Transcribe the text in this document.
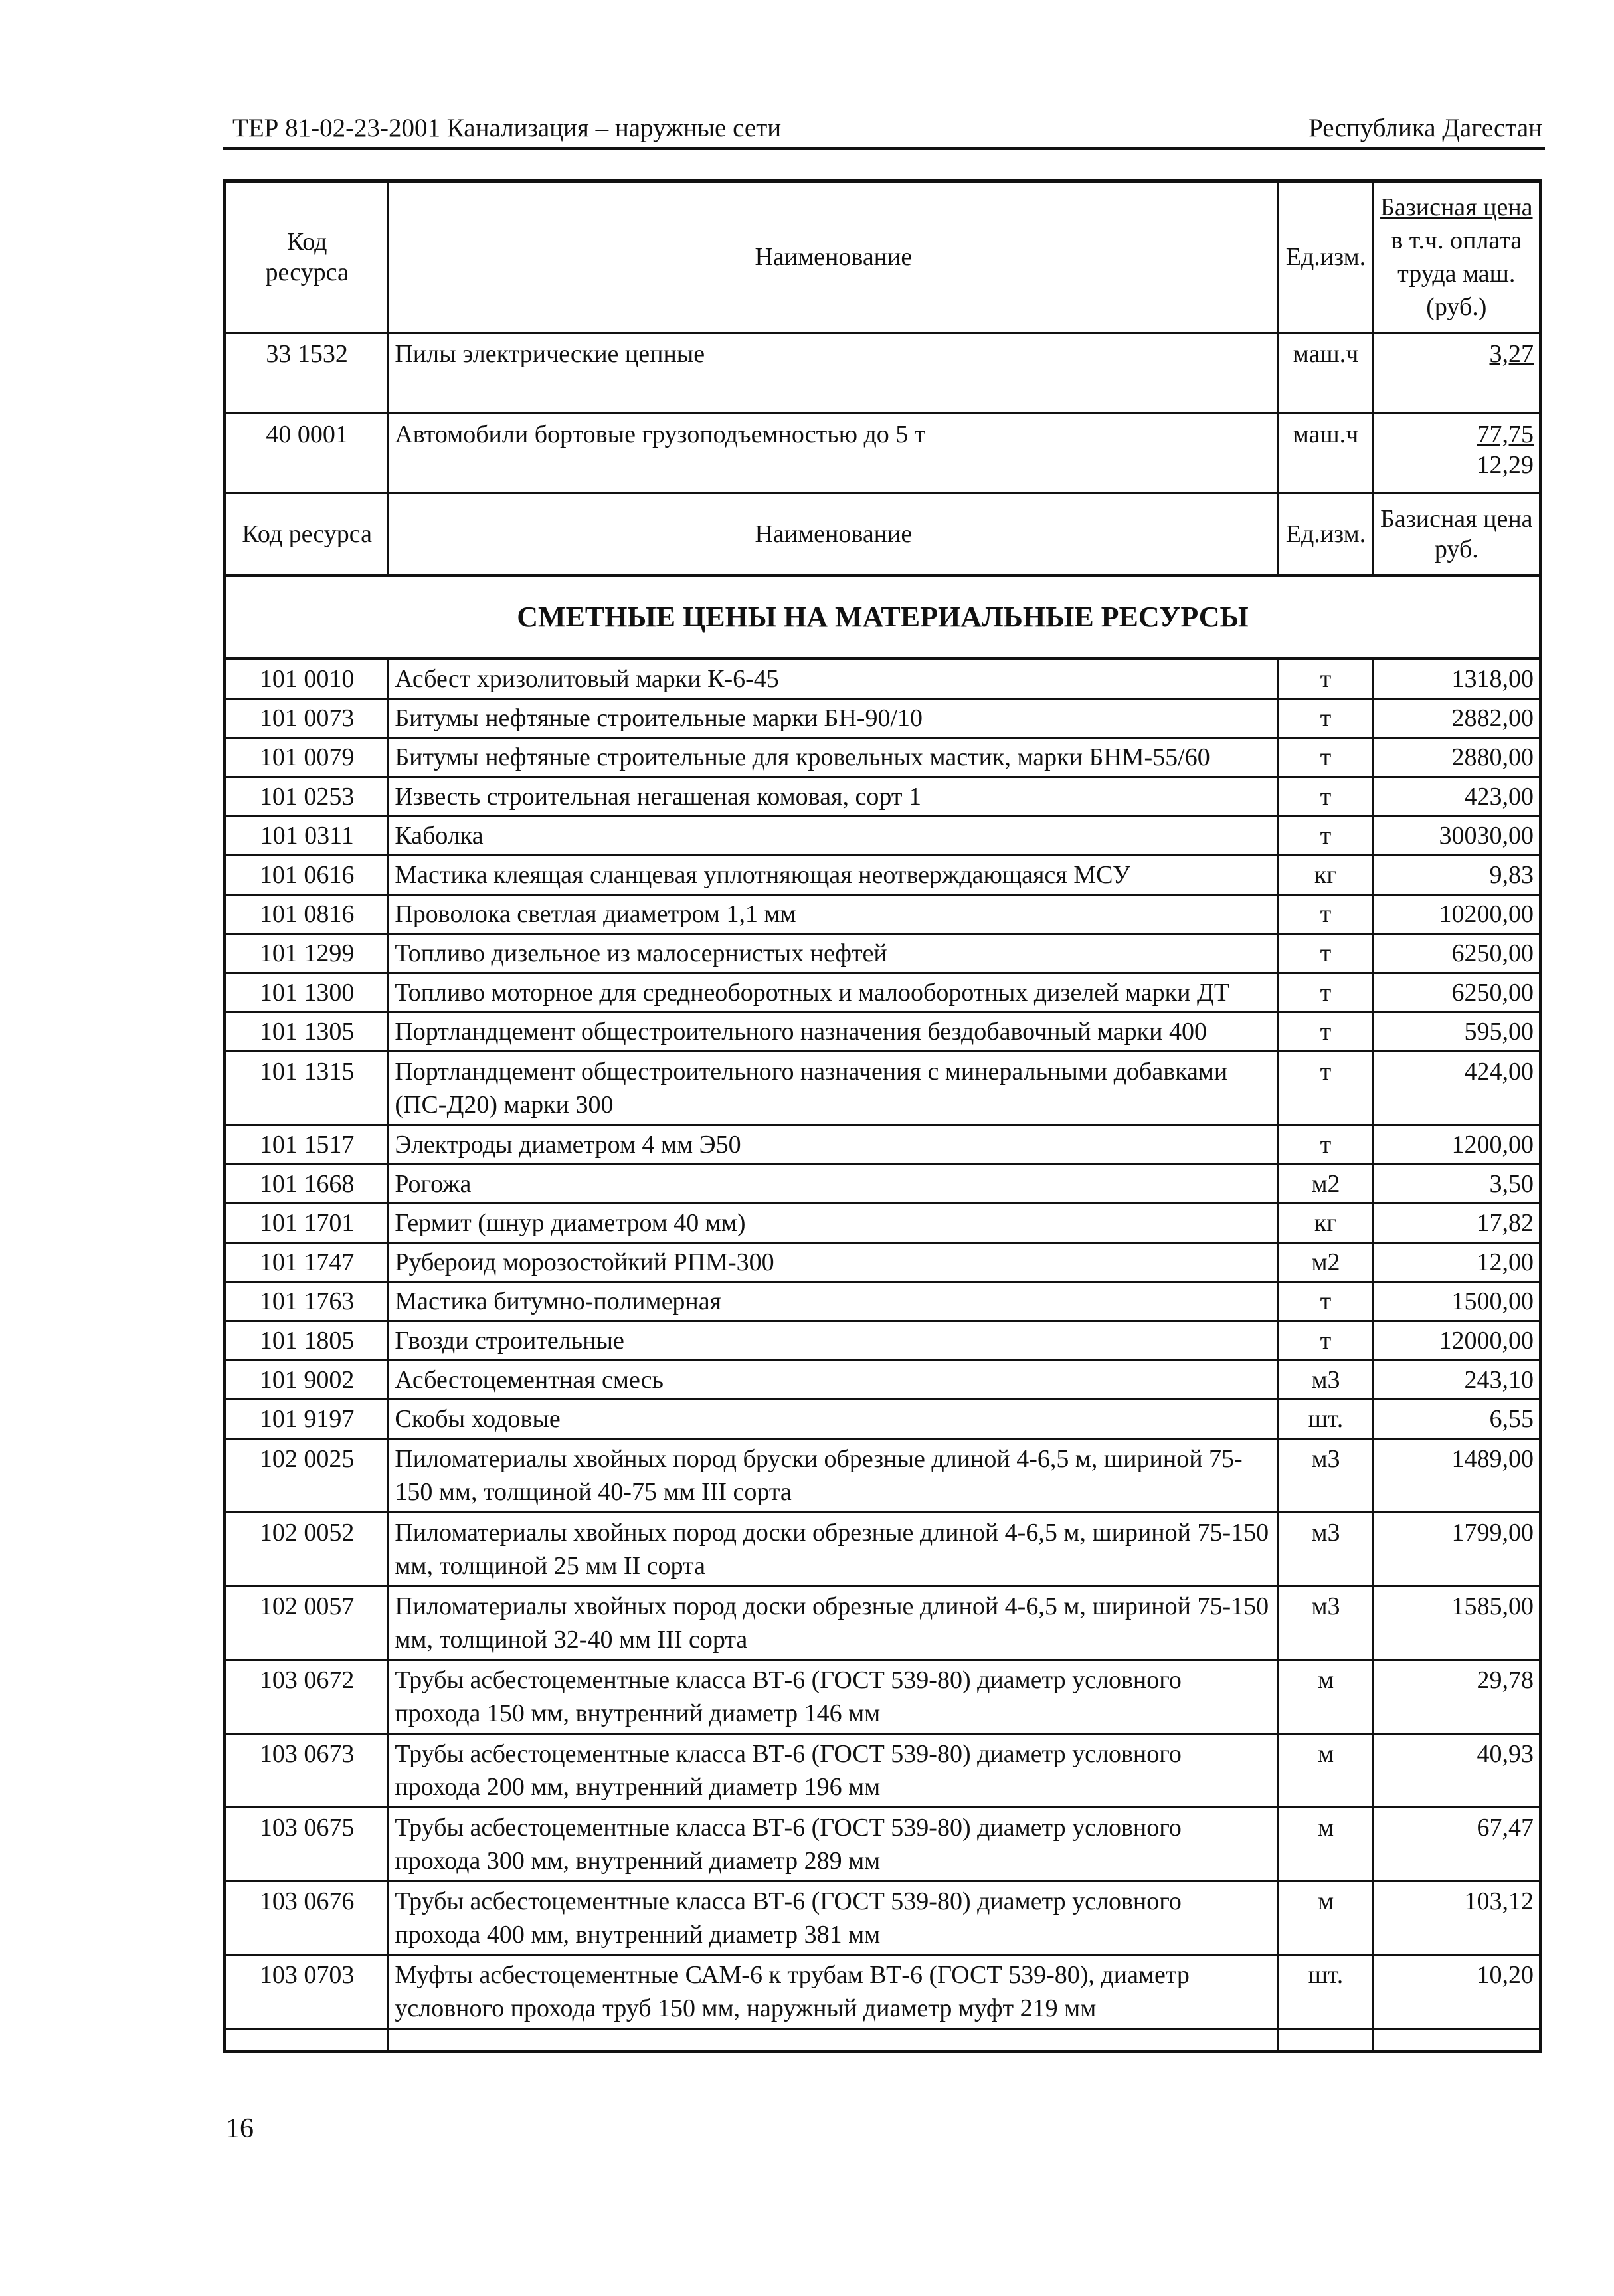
ТЕР 81-02-23-2001 Канализация – наружные сети	Республика Дагестан
Код
ресурса	Наименование	Ед.изм.	Базисная цена
в т.ч. оплата
труда маш.
(руб.)

33 1532	Пилы электрические цепные	маш.ч	3,27

40 0001	Автомобили бортовые грузоподъемностью до 5 т	маш.ч	77,75
12,29

Код ресурса	Наименование	Ед.изм.	Базисная цена
руб.

СМЕТНЫЕ ЦЕНЫ НА МАТЕРИАЛЬНЫЕ РЕСУРСЫ			
101 0010	Асбест хризолитовый марки К-6-45	т	1318,00
101 0073	Битумы нефтяные строительные марки БН-90/10	т	2882,00
101 0079	Битумы нефтяные строительные для кровельных мастик, марки БНМ-55/60	т	2880,00
101 0253	Известь строительная негашеная комовая, сорт 1	т	423,00
101 0311	Каболка	т	30030,00
101 0616	Мастика клеящая сланцевая уплотняющая неотверждающаяся МСУ	кг	9,83
101 0816	Проволока светлая диаметром 1,1 мм	т	10200,00
101 1299	Топливо дизельное из малосернистых нефтей	т	6250,00
101 1300	Топливо моторное для среднеоборотных и малооборотных дизелей марки ДТ	т	6250,00
101 1305	Портландцемент общестроительного назначения бездобавочный марки 400	т	595,00
101 1315	Портландцемент общестроительного назначения с минеральными добавками (ПС-Д20) марки 300	т	424,00
101 1517	Электроды диаметром 4 мм Э50	т	1200,00
101 1668	Рогожа	м2	3,50
101 1701	Гермит (шнур диаметром 40 мм)	кг	17,82
101 1747	Рубероид морозостойкий РПМ-300	м2	12,00
101 1763	Мастика битумно-полимерная	т	1500,00
101 1805	Гвозди строительные	т	12000,00
101 9002	Асбестоцементная смесь	м3	243,10
101 9197	Скобы ходовые	шт.	6,55
102 0025	Пиломатериалы хвойных пород бруски обрезные длиной 4-6,5 м, шириной 75-150 мм, толщиной 40-75 мм III сорта	м3	1489,00
102 0052	Пиломатериалы хвойных пород доски обрезные длиной 4-6,5 м, шириной 75-150 мм, толщиной 25 мм II сорта	м3	1799,00
102 0057	Пиломатериалы хвойных пород доски обрезные длиной 4-6,5 м, шириной 75-150 мм, толщиной 32-40 мм III сорта	м3	1585,00
103 0672	Трубы асбестоцементные класса ВТ-6 (ГОСТ 539-80) диаметр условного прохода 150 мм, внутренний диаметр 146 мм	м	29,78
103 0673	Трубы асбестоцементные класса ВТ-6 (ГОСТ 539-80) диаметр условного прохода 200 мм, внутренний диаметр 196 мм	м	40,93
103 0675	Трубы асбестоцементные класса ВТ-6 (ГОСТ 539-80) диаметр условного прохода 300 мм, внутренний диаметр 289 мм	м	67,47
103 0676	Трубы асбестоцементные класса ВТ-6 (ГОСТ 539-80) диаметр условного прохода 400 мм, внутренний диаметр 381 мм	м	103,12
103 0703	Муфты асбестоцементные САМ-6 к трубам ВТ-6 (ГОСТ 539-80), диаметр условного прохода труб 150 мм, наружный диаметр муфт 219 мм	шт.	10,20

16
